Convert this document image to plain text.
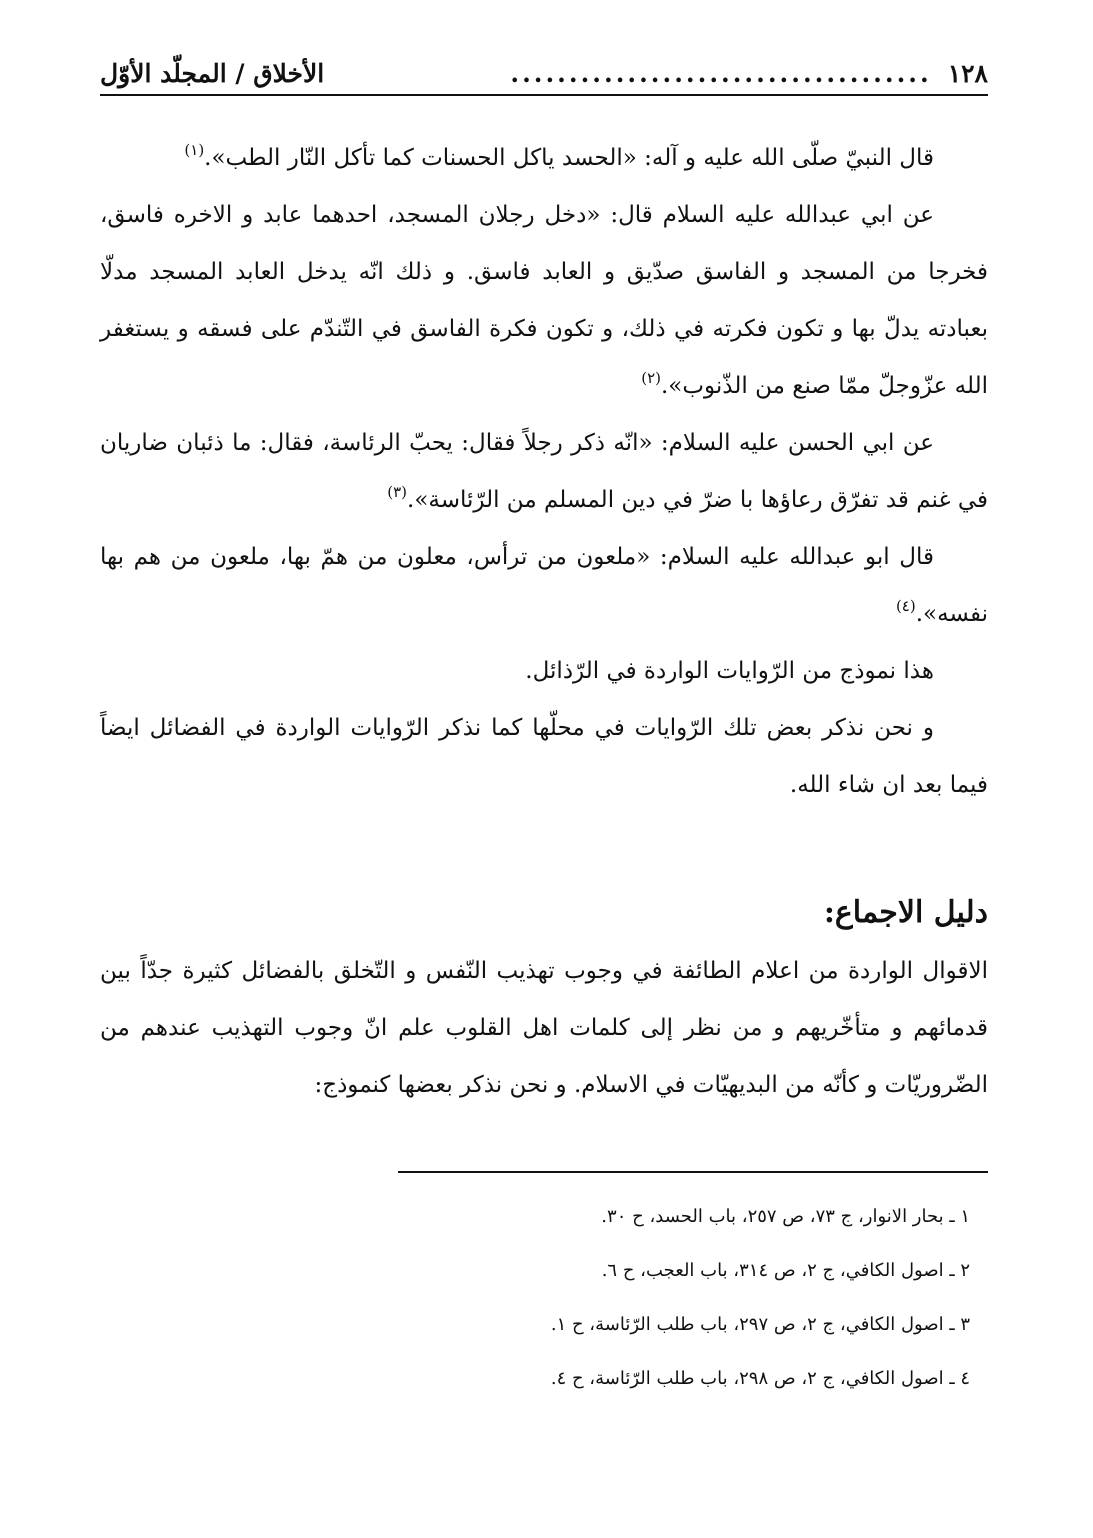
١٢٨
....................................
الأخلاق / المجلّد الأوّل

قال النبيّ صلّى الله عليه و آله: «الحسد ياكل الحسنات كما تأكل النّار الطب».$^{(١)}$

عن ابي عبدالله عليه السلام قال: «دخل رجلان المسجد، احدهما عابد و الاخره فاسق، فخرجا من المسجد و الفاسق صدّيق و العابد فاسق. و ذلك انّه يدخل العابد المسجد مدلّا بعبادته يدلّ بها و تكون فكرته في ذلك، و تكون فكرة الفاسق في التّندّم على فسقه و يستغفر الله عزّوجلّ ممّا صنع من الذّنوب».$^{(٢)}$

عن ابي الحسن عليه السلام: «انّه ذكر رجلاً فقال: يحبّ الرئاسة، فقال: ما ذئبان ضاريان في غنم قد تفرّق رعاؤها با ضرّ في دين المسلم من الرّئاسة».$^{(٣)}$

قال ابو عبدالله عليه السلام: «ملعون من ترأس، معلون من همّ بها، ملعون من هم بها نفسه».$^{(٤)}$

هذا نموذج من الرّوايات الواردة في الرّذائل.

و نحن نذكر بعض تلك الرّوايات في محلّها كما نذكر الرّوايات الواردة في الفضائل ايضاً فيما بعد ان شاء الله.

دليل الاجماع:

الاقوال الواردة من اعلام الطائفة في وجوب تهذيب النّفس و التّخلق بالفضائل كثيرة جدّاً بين قدمائهم و متأخّريهم و من نظر إلى كلمات اهل القلوب علم انّ وجوب التهذيب عندهم من الضّروريّات و كأنّه من البديهيّات في الاسلام. و نحن نذكر بعضها كنموذج:

١ ـ بحار الانوار، ج ٧٣، ص ٢٥٧، باب الحسد، ح ٣٠.
٢ ـ اصول الكافي، ج ٢، ص ٣١٤، باب العجب، ح ٦.
٣ ـ اصول الكافي، ج ٢، ص ٢٩٧، باب طلب الرّئاسة، ح ١.
٤ ـ اصول الكافي، ج ٢، ص ٢٩٨، باب طلب الرّئاسة، ح ٤.
